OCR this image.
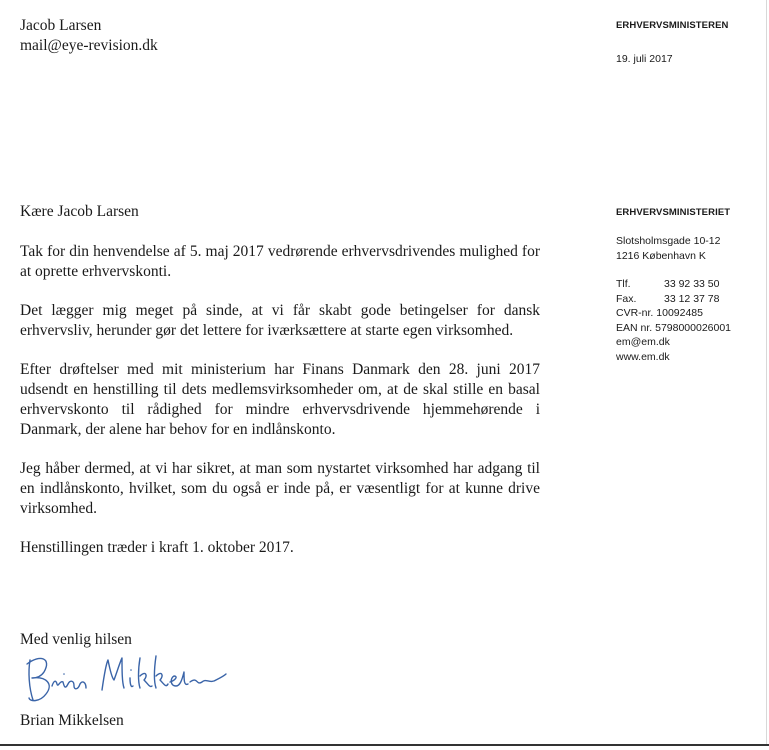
Jacob Larsen
mail@eye-revision.dk
ERHVERVSMINISTEREN
19. juli 2017
ERHVERVSMINISTERIET
Slotsholmsgade 10-12
1216 København K
Tlf.	33 92 33 50
Fax.	33 12 37 78
CVR-nr. 10092485
EAN nr. 5798000026001
em@em.dk
www.em.dk

Kære Jacob Larsen

Tak for din henvendelse af 5. maj 2017 vedrørende erhvervsdrivendes mulighed for at oprette erhvervskonti.

Det lægger mig meget på sinde, at vi får skabt gode betingelser for dansk erhvervsliv, herunder gør det lettere for iværksættere at starte egen virksomhed.

Efter drøftelser med mit ministerium har Finans Danmark den 28. juni 2017 udsendt en henstilling til dets medlemsvirksomheder om, at de skal stille en basal erhvervskonto til rådighed for mindre erhvervsdrivende hjemmehørende i Danmark, der alene har behov for en indlånskonto.

Jeg håber dermed, at vi har sikret, at man som nystartet virksomhed har adgang til en indlånskonto, hvilket, som du også er inde på, er væsentligt for at kunne drive virksomhed.

Henstillingen træder i kraft 1. oktober 2017.

Med venlig hilsen
Brian Mikkelsen
